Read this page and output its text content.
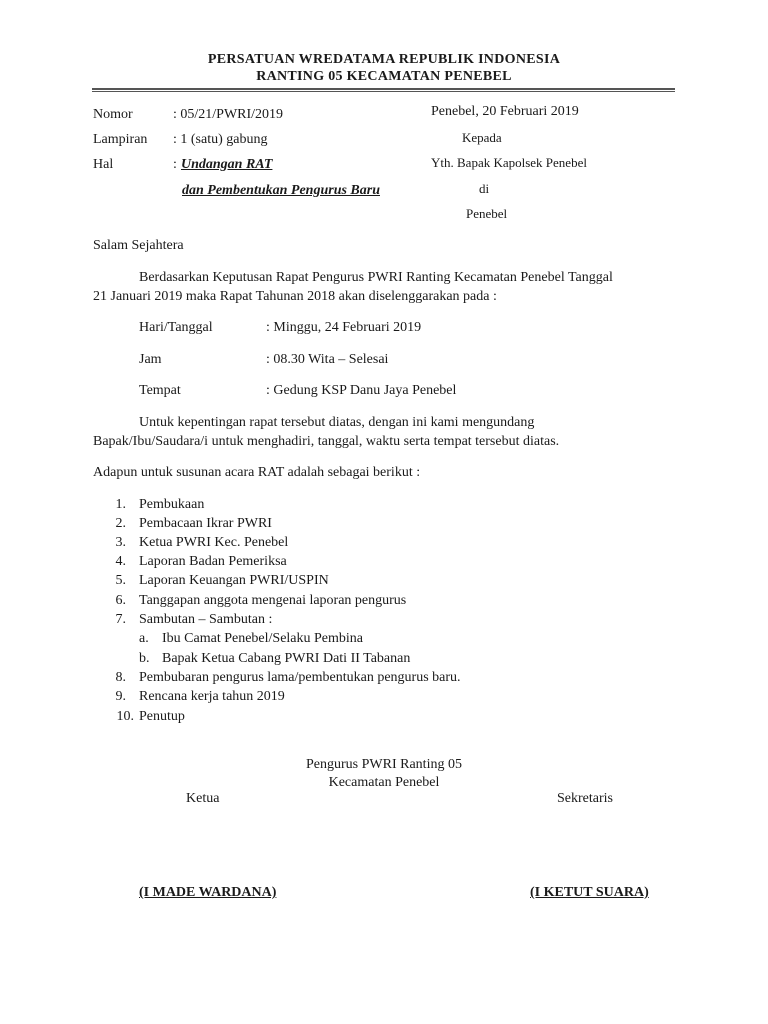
PERSATUAN WREDATAMA REPUBLIK INDONESIA
RANTING 05 KECAMATAN PENEBEL
Nomor	: 05/21/PWRI/2019
Lampiran : 1 (satu) gabung
Hal	: Undangan RAT
dan Pembentukan Pengurus Baru
Penebel, 20 Februari 2019
Kepada
Yth. Bapak Kapolsek Penebel
di
Penebel
Salam Sejahtera
Berdasarkan Keputusan Rapat Pengurus PWRI Ranting Kecamatan Penebel Tanggal
21 Januari 2019 maka Rapat Tahunan 2018 akan diselenggarakan pada :
Hari/Tanggal	: Minggu, 24 Februari 2019
Jam	: 08.30 Wita – Selesai
Tempat	: Gedung KSP Danu Jaya Penebel
Untuk kepentingan rapat tersebut diatas, dengan ini kami mengundang
Bapak/Ibu/Saudara/i untuk menghadiri, tanggal, waktu serta tempat tersebut diatas.
Adapun untuk susunan acara RAT adalah sebagai berikut :
1. Pembukaan
2. Pembacaan Ikrar PWRI
3. Ketua PWRI Kec. Penebel
4. Laporan Badan Pemeriksa
5. Laporan Keuangan PWRI/USPIN
6. Tanggapan anggota mengenai laporan pengurus
7. Sambutan – Sambutan :
a. Ibu Camat Penebel/Selaku Pembina
b. Bapak Ketua Cabang PWRI Dati II Tabanan
8. Pembubaran pengurus lama/pembentukan pengurus baru.
9. Rencana kerja tahun 2019
10. Penutup
Pengurus PWRI Ranting 05
Kecamatan Penebel
Ketua	Sekretaris
(I MADE WARDANA)	(I KETUT SUARA)
